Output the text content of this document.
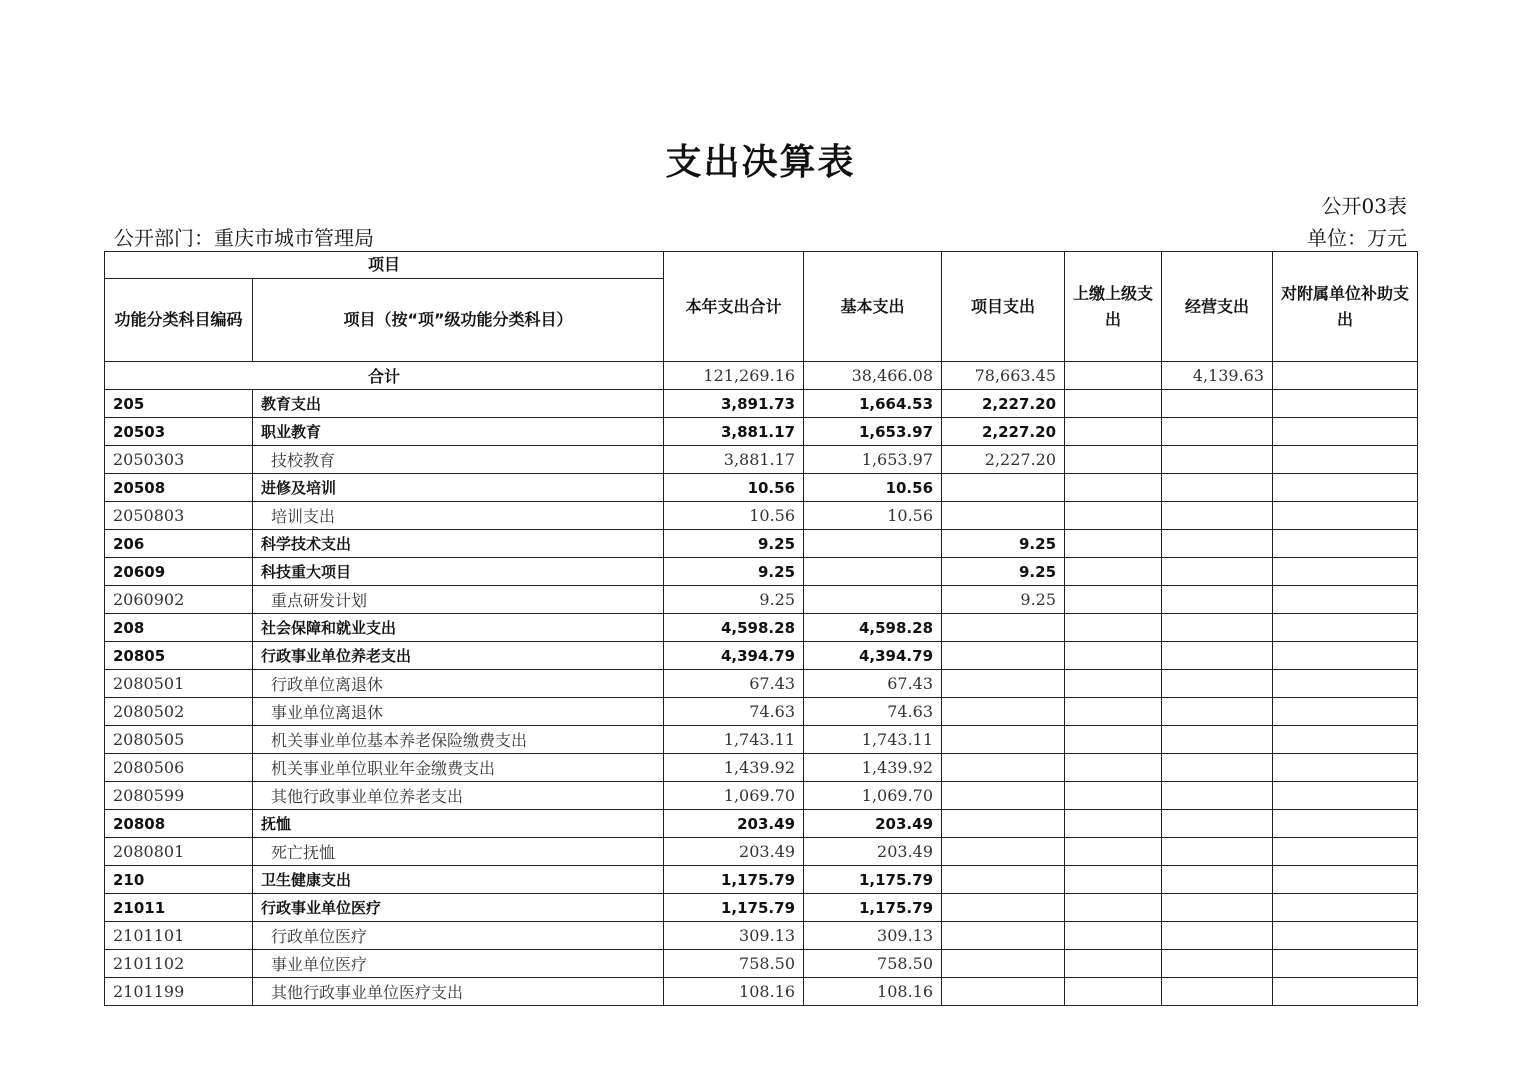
支出决算表
公开03表
公开部门：重庆市城市管理局	单位：万元
项目		本年支出合计	基本支出	项目支出	上缴上级支出	经营支出	对附属单位补助支出
功能分类科目编码	项目（按“项”级功能分类科目）						
合计		121,269.16	38,466.08	78,663.45		4,139.63	
205	教育支出	3,891.73	1,664.53	2,227.20			
20503	职业教育	3,881.17	1,653.97	2,227.20			
2050303	技校教育	3,881.17	1,653.97	2,227.20			
20508	进修及培训	10.56	10.56				
2050803	培训支出	10.56	10.56				
206	科学技术支出	9.25		9.25			
20609	科技重大项目	9.25		9.25			
2060902	重点研发计划	9.25		9.25			
208	社会保障和就业支出	4,598.28	4,598.28				
20805	行政事业单位养老支出	4,394.79	4,394.79				
2080501	行政单位离退休	67.43	67.43				
2080502	事业单位离退休	74.63	74.63				
2080505	机关事业单位基本养老保险缴费支出	1,743.11	1,743.11				
2080506	机关事业单位职业年金缴费支出	1,439.92	1,439.92				
2080599	其他行政事业单位养老支出	1,069.70	1,069.70				
20808	抚恤	203.49	203.49				
2080801	死亡抚恤	203.49	203.49				
210	卫生健康支出	1,175.79	1,175.79				
21011	行政事业单位医疗	1,175.79	1,175.79				
2101101	行政单位医疗	309.13	309.13				
2101102	事业单位医疗	758.50	758.50				
2101199	其他行政事业单位医疗支出	108.16	108.16				
